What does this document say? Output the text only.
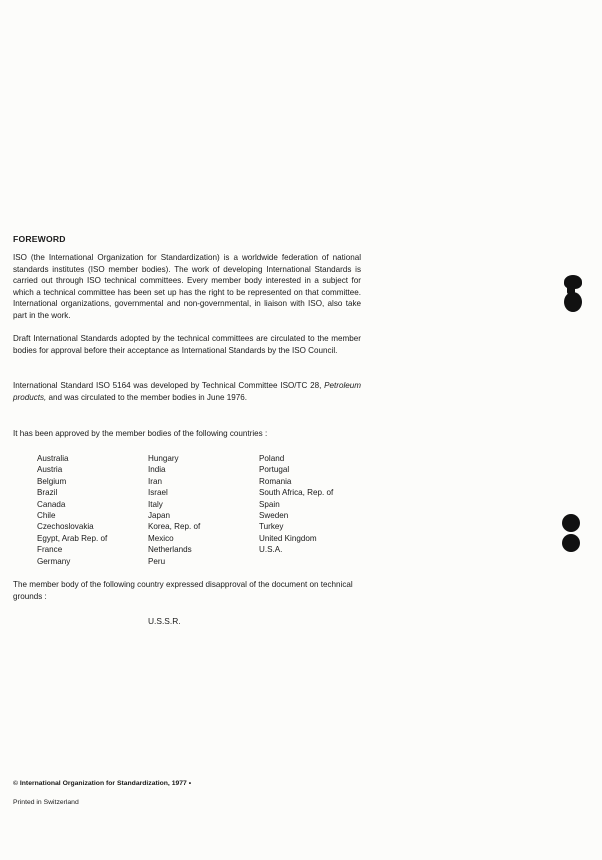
FOREWORD
ISO (the International Organization for Standardization) is a worldwide federation of national standards institutes (ISO member bodies). The work of developing International Standards is carried out through ISO technical committees. Every member body interested in a subject for which a technical committee has been set up has the right to be represented on that committee. International organizations, governmental and non-governmental, in liaison with ISO, also take part in the work.
Draft International Standards adopted by the technical committees are circulated to the member bodies for approval before their acceptance as International Standards by the ISO Council.
International Standard ISO 5164 was developed by Technical Committee ISO/TC 28, Petroleum products, and was circulated to the member bodies in June 1976.
It has been approved by the member bodies of the following countries :
Australia
Austria
Belgium
Brazil
Canada
Chile
Czechoslovakia
Egypt, Arab Rep. of
France
Germany
Hungary
India
Iran
Israel
Italy
Japan
Korea, Rep. of
Mexico
Netherlands
Peru
Poland
Portugal
Romania
South Africa, Rep. of
Spain
Sweden
Turkey
United Kingdom
U.S.A.
The member body of the following country expressed disapproval of the document on technical grounds :
U.S.S.R.
© International Organization for Standardization, 1977 •
Printed in Switzerland
